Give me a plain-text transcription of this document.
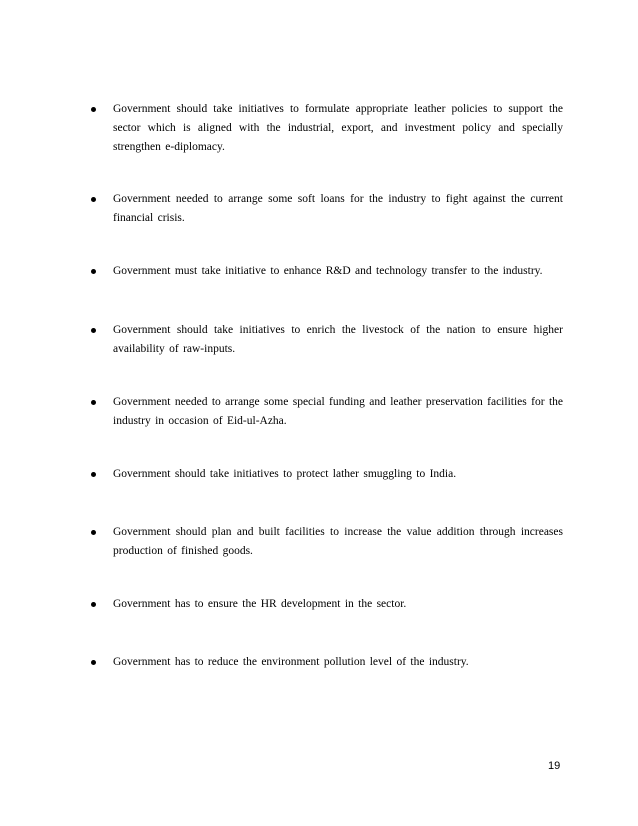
Government should take initiatives to formulate appropriate leather policies to support the sector which is aligned with the industrial, export, and investment policy and specially strengthen e-diplomacy.
Government needed to arrange some soft loans for the industry to fight against the current financial crisis.
Government must take initiative to enhance R&D and technology transfer to the industry.
Government should take initiatives to enrich the livestock of the nation to ensure higher availability of raw-inputs.
Government needed to arrange some special funding and leather preservation facilities for the industry in occasion of Eid-ul-Azha.
Government should take initiatives to protect lather smuggling to India.
Government should plan and built facilities to increase the value addition through increases production of finished goods.
Government has to ensure the HR development in the sector.
Government has to reduce the environment pollution level of the industry.
19
